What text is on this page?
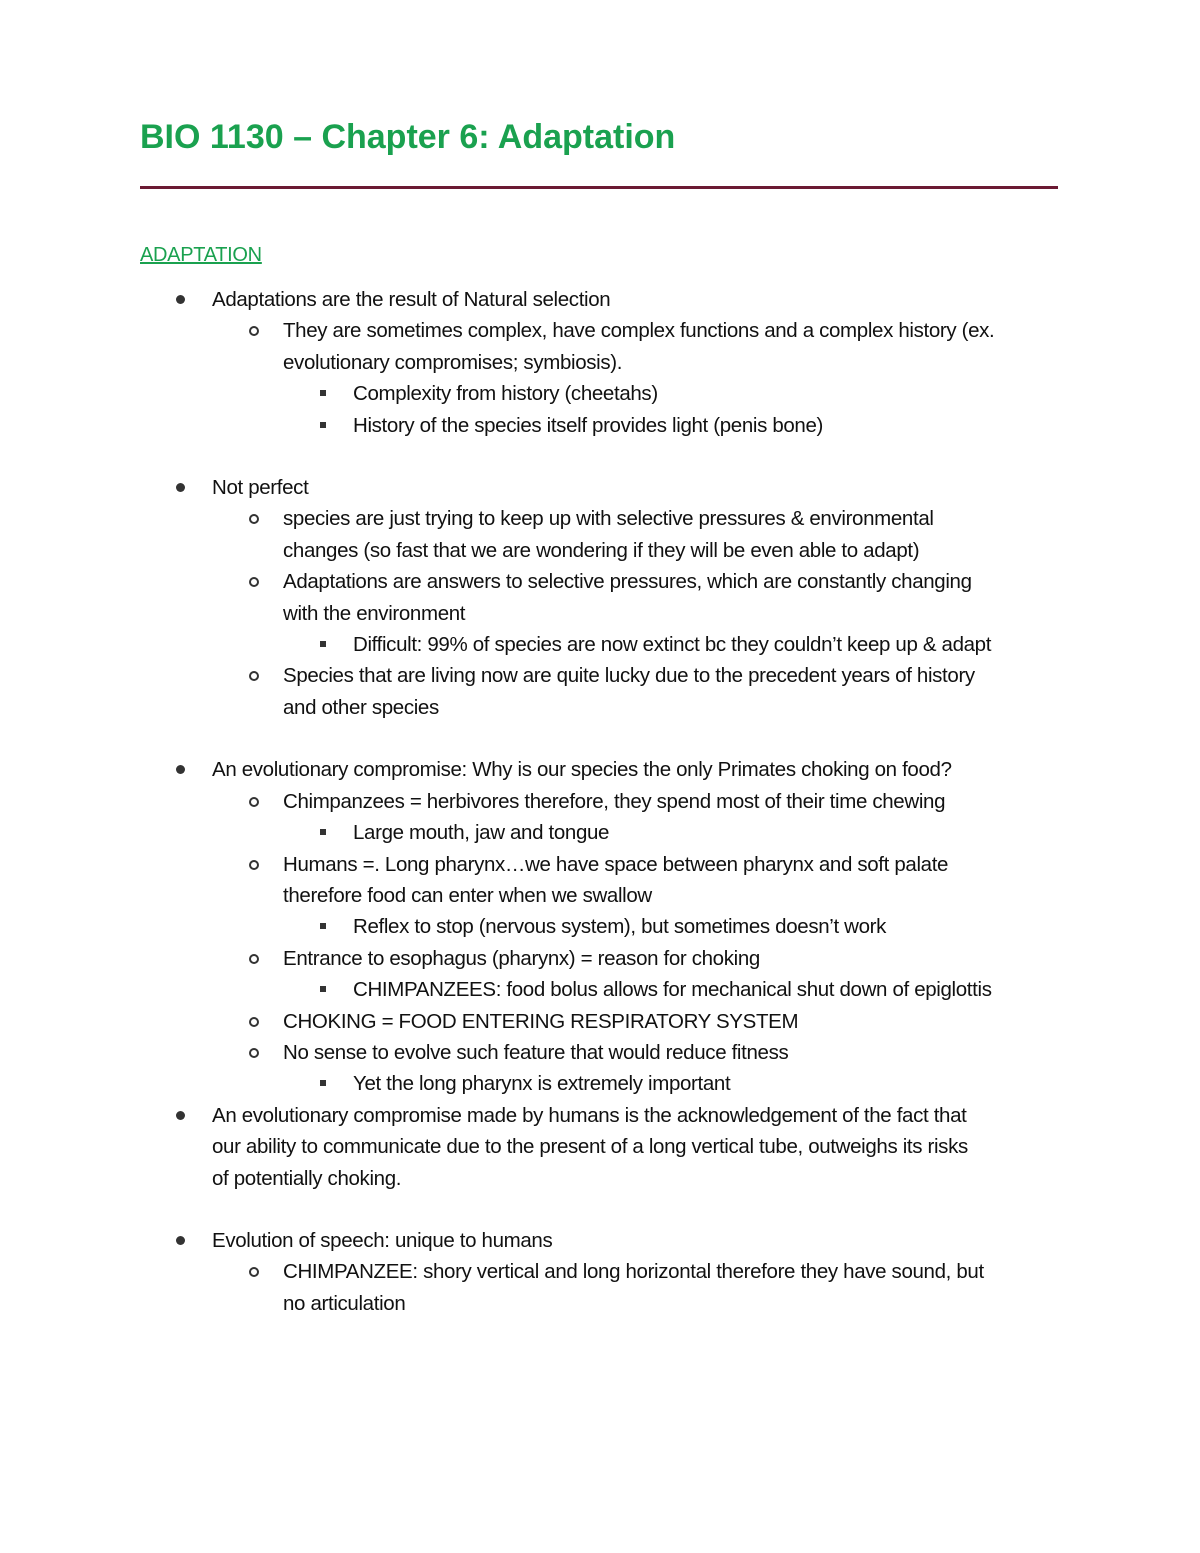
BIO 1130 – Chapter 6: Adaptation
ADAPTATION
Adaptations are the result of Natural selection
They are sometimes complex, have complex functions and a complex history (ex.
evolutionary compromises; symbiosis).
Complexity from history (cheetahs)
History of the species itself provides light (penis bone)
Not perfect
species are just trying to keep up with selective pressures & environmental
changes (so fast that we are wondering if they will be even able to adapt)
Adaptations are answers to selective pressures, which are constantly changing
with the environment
Difficult: 99% of species are now extinct bc they couldn’t keep up & adapt
Species that are living now are quite lucky due to the precedent years of history
and other species
An evolutionary compromise: Why is our species the only Primates choking on food?
Chimpanzees = herbivores therefore, they spend most of their time chewing
Large mouth, jaw and tongue
Humans =. Long pharynx…we have space between pharynx and soft palate
therefore food can enter when we swallow
Reflex to stop (nervous system), but sometimes doesn’t work
Entrance to esophagus (pharynx) = reason for choking
CHIMPANZEES: food bolus allows for mechanical shut down of epiglottis
CHOKING = FOOD ENTERING RESPIRATORY SYSTEM
No sense to evolve such feature that would reduce fitness
Yet the long pharynx is extremely important
An evolutionary compromise made by humans is the acknowledgement of the fact that
our ability to communicate due to the present of a long vertical tube, outweighs its risks
of potentially choking.
Evolution of speech: unique to humans
CHIMPANZEE: shory vertical and long horizontal therefore they have sound, but
no articulation
